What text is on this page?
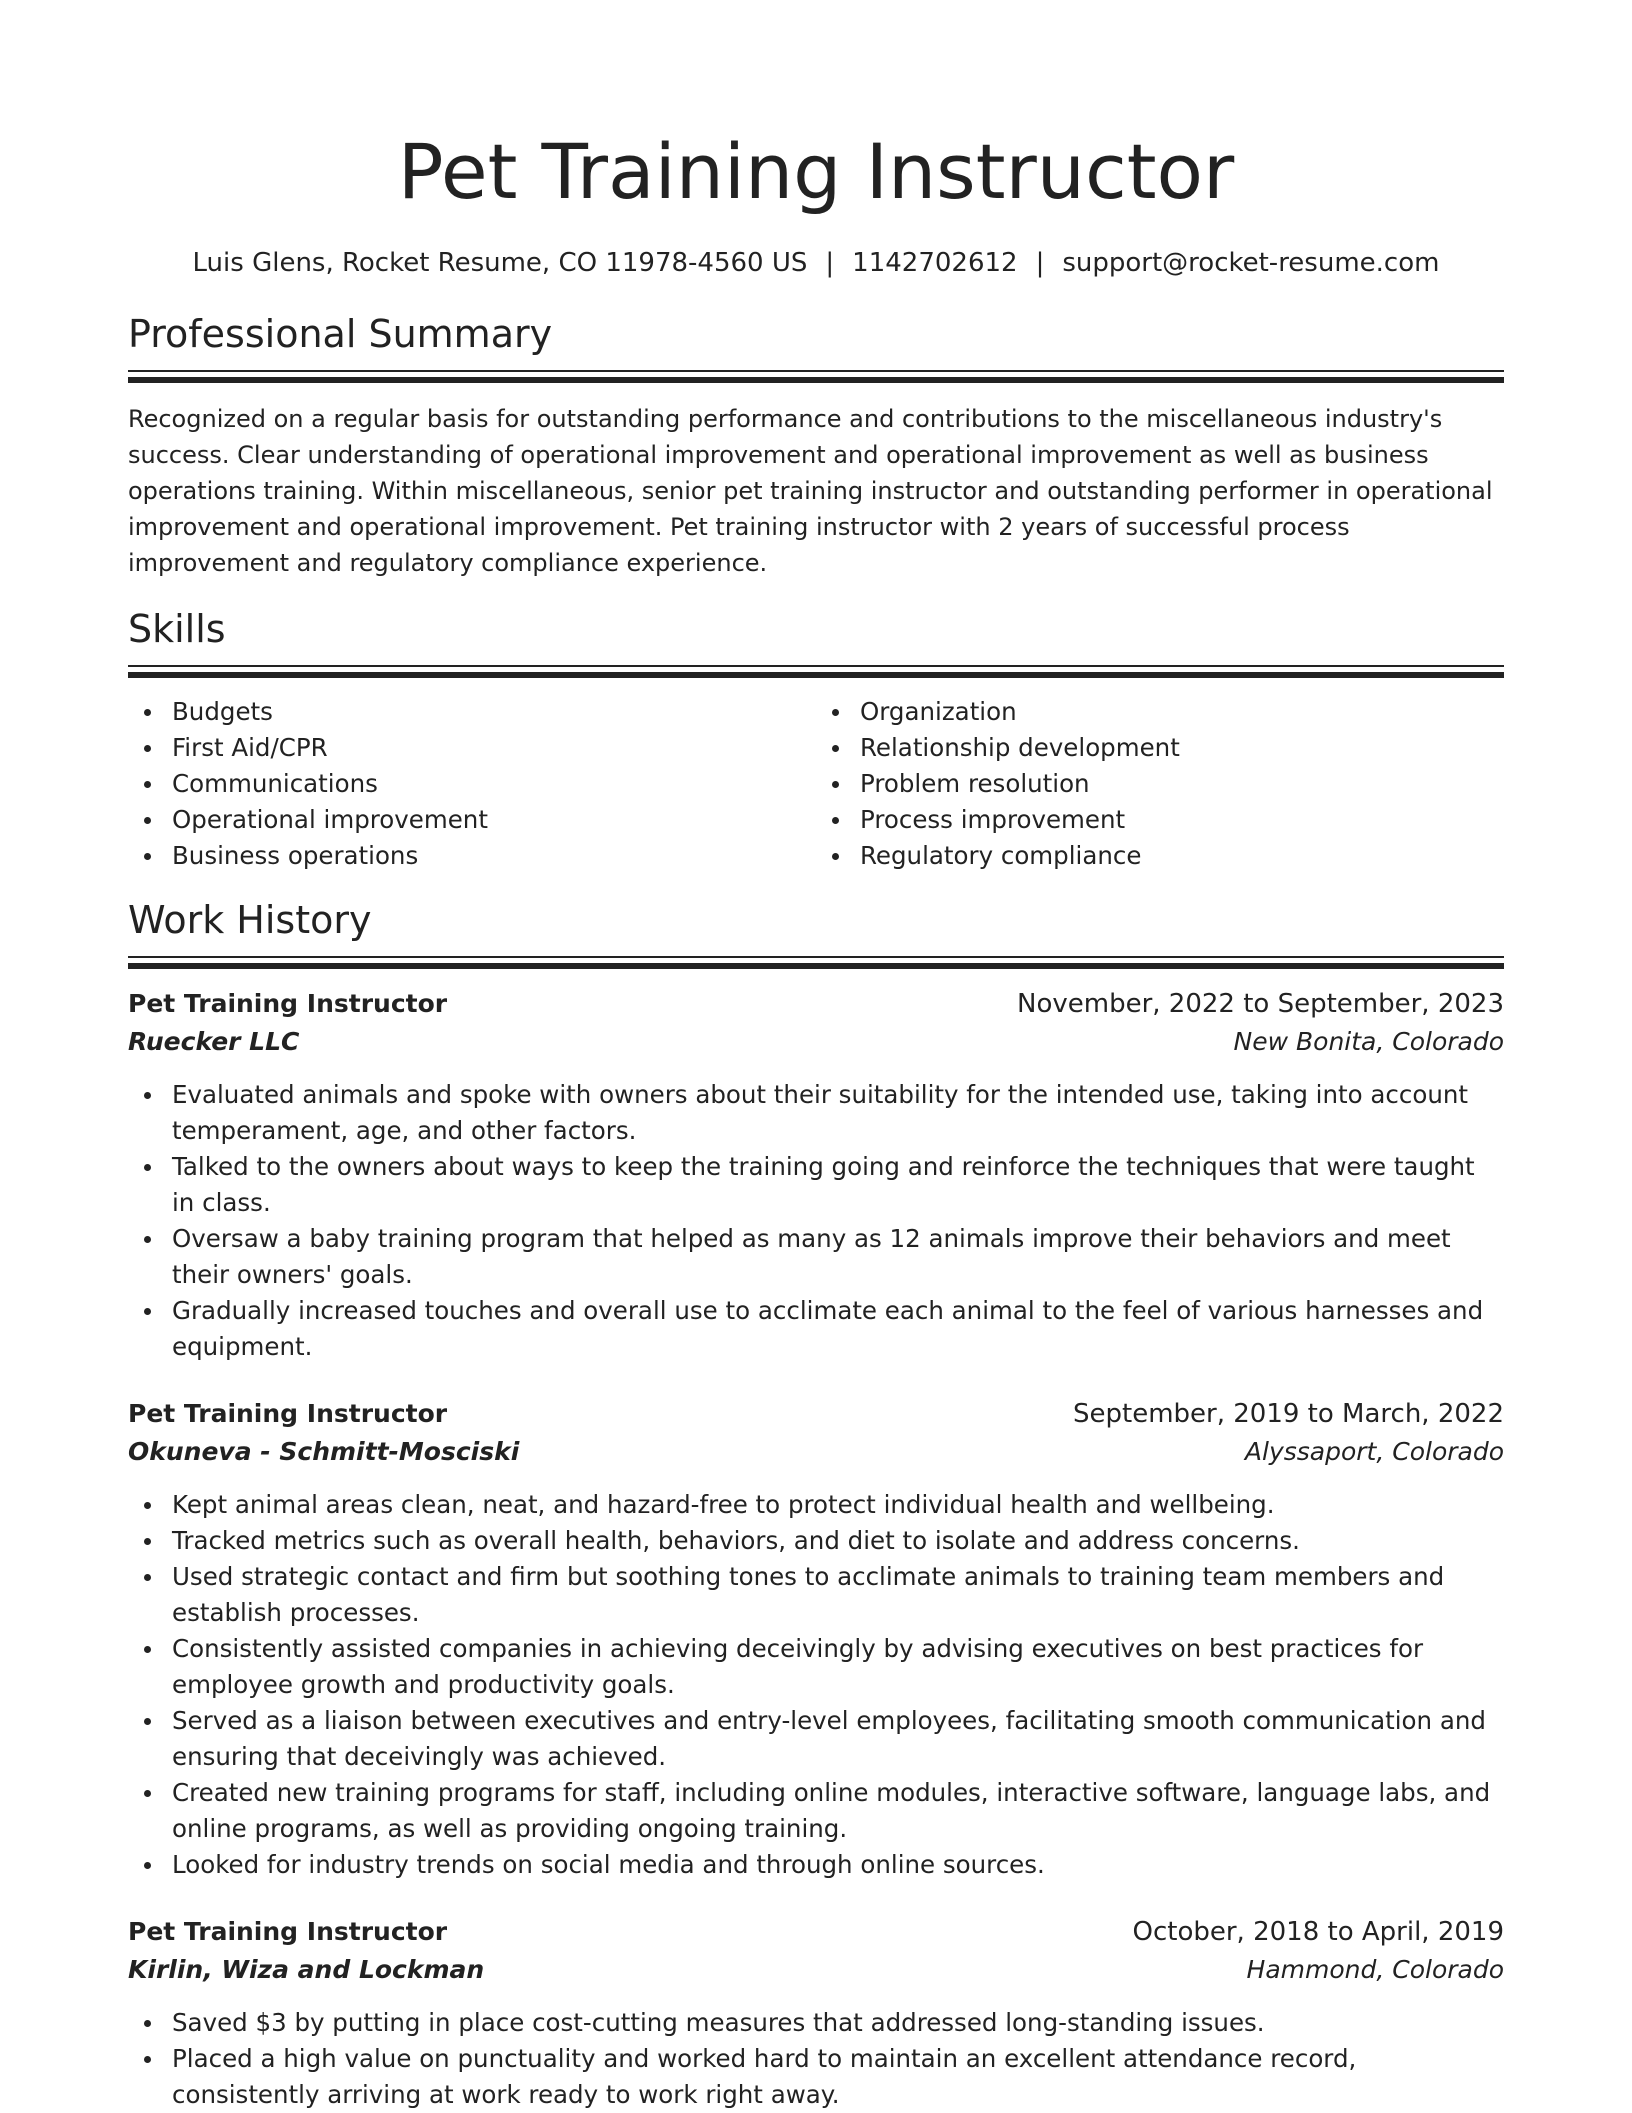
Pet Training Instructor
Luis Glens, Rocket Resume, CO 11978-4560 US | 1142702612 | support@rocket-resume.com
Professional Summary

Recognized on a regular basis for outstanding performance and contributions to the miscellaneous industry's success. Clear understanding of operational improvement and operational improvement as well as business operations training. Within miscellaneous, senior pet training instructor and outstanding performer in operational improvement and operational improvement. Pet training instructor with 2 years of successful process improvement and regulatory compliance experience.

Skills
Budgets
First Aid/CPR
Communications
Operational improvement
Business operations
Organization
Relationship development
Problem resolution
Process improvement
Regulatory compliance
Work History
Pet Training Instructor	November, 2022 to September, 2023
Ruecker LLC	New Bonita, Colorado
Evaluated animals and spoke with owners about their suitability for the intended use, taking into account temperament, age, and other factors.
Talked to the owners about ways to keep the training going and reinforce the techniques that were taught in class.
Oversaw a baby training program that helped as many as 12 animals improve their behaviors and meet their owners' goals.
Gradually increased touches and overall use to acclimate each animal to the feel of various harnesses and equipment.
Pet Training Instructor	September, 2019 to March, 2022
Okuneva - Schmitt-Mosciski	Alyssaport, Colorado
Kept animal areas clean, neat, and hazard-free to protect individual health and wellbeing.
Tracked metrics such as overall health, behaviors, and diet to isolate and address concerns.
Used strategic contact and firm but soothing tones to acclimate animals to training team members and establish processes.
Consistently assisted companies in achieving deceivingly by advising executives on best practices for employee growth and productivity goals.
Served as a liaison between executives and entry-level employees, facilitating smooth communication and ensuring that deceivingly was achieved.
Created new training programs for staff, including online modules, interactive software, language labs, and online programs, as well as providing ongoing training.
Looked for industry trends on social media and through online sources.
Pet Training Instructor	October, 2018 to April, 2019
Kirlin, Wiza and Lockman	Hammond, Colorado
Saved $3 by putting in place cost-cutting measures that addressed long-standing issues.
Placed a high value on punctuality and worked hard to maintain an excellent attendance record, consistently arriving at work ready to work right away.
